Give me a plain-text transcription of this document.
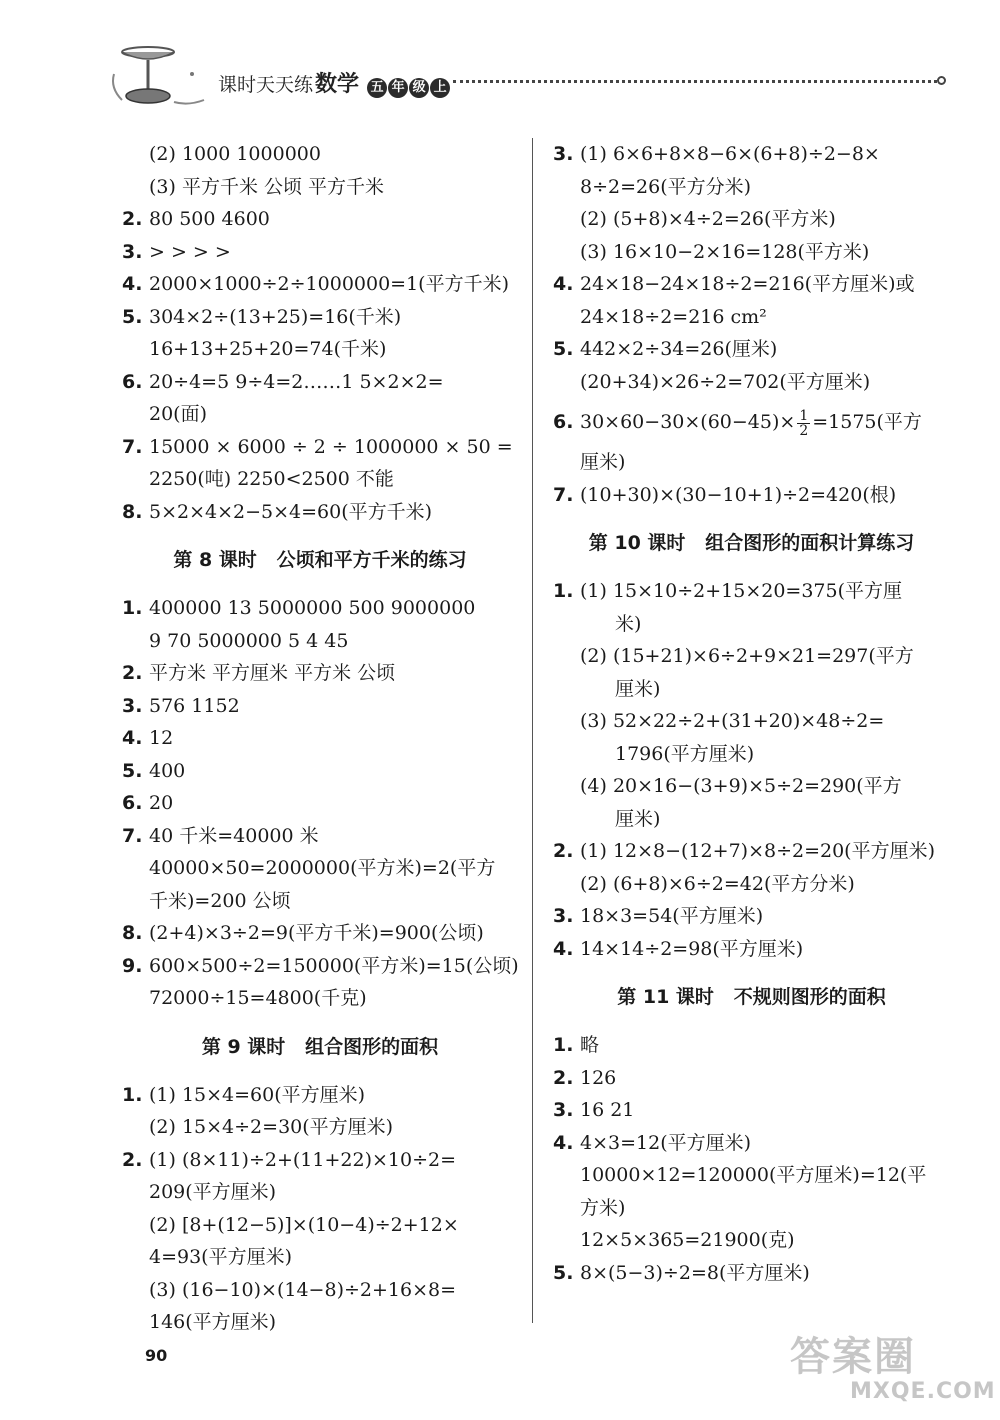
课时天天练数学 五 年 级 上
(2) 1000 1000000
(3) 平方千米 公顷 平方千米
2. 80 500 4600
3. > > > >
4. 2000×1000÷2÷1000000=1(平方千米)
5. 304×2÷(13+25)=16(千米)
16+13+25+20=74(千米)
6. 20÷4=5 9÷4=2……1 5×2×2=
20(面)
7. 15000 × 6000 ÷ 2 ÷ 1000000 × 50 =
2250(吨) 2250<2500 不能
8. 5×2×4×2−5×4=60(平方千米)
第 8 课时   公顷和平方千米的练习
1. 400000 13 5000000 500 9000000
9 70 5000000 5 4 45
2. 平方米 平方厘米 平方米 公顷
3. 576 1152
4. 12
5. 400
6. 20
7. 40 千米=40000 米
40000×50=2000000(平方米)=2(平方
千米)=200 公顷
8. (2+4)×3÷2=9(平方千米)=900(公顷)
9. 600×500÷2=150000(平方米)=15(公顷)
72000÷15=4800(千克)
第 9 课时   组合图形的面积
1. (1) 15×4=60(平方厘米)
(2) 15×4÷2=30(平方厘米)
2. (1) (8×11)÷2+(11+22)×10÷2=
209(平方厘米)
(2) [8+(12−5)]×(10−4)÷2+12×
4=93(平方厘米)
(3) (16−10)×(14−8)÷2+16×8=
146(平方厘米)
3. (1) 6×6+8×8−6×(6+8)÷2−8×
8÷2=26(平方分米)
(2) (5+8)×4÷2=26(平方米)
(3) 16×10−2×16=128(平方米)
4. 24×18−24×18÷2=216(平方厘米)或
24×18÷2=216 cm²
5. 442×2÷34=26(厘米)
(20+34)×26÷2=702(平方厘米)
6. $30\times 60-30\times(60-45)\times \frac{1}{2} =1575$(平方
厘米)
7. (10+30)×(30−10+1)÷2=420(根)
第 10 课时   组合图形的面积计算练习
1. (1) 15×10÷2+15×20=375(平方厘
米)
(2) (15+21)×6÷2+9×21=297(平方
厘米)
(3) 52×22÷2+(31+20)×48÷2=
1796(平方厘米)
(4) 20×16−(3+9)×5÷2=290(平方
厘米)
2. (1) 12×8−(12+7)×8÷2=20(平方厘米)
(2) (6+8)×6÷2=42(平方分米)
3. 18×3=54(平方厘米)
4. 14×14÷2=98(平方厘米)
第 11 课时   不规则图形的面积
1. 略
2. 126
3. 16 21
4. 4×3=12(平方厘米)
10000×12=120000(平方厘米)=12(平
方米)
12×5×365=21900(克)
5. 8×(5−3)÷2=8(平方厘米)
90	答案圈
MXQE.COM
